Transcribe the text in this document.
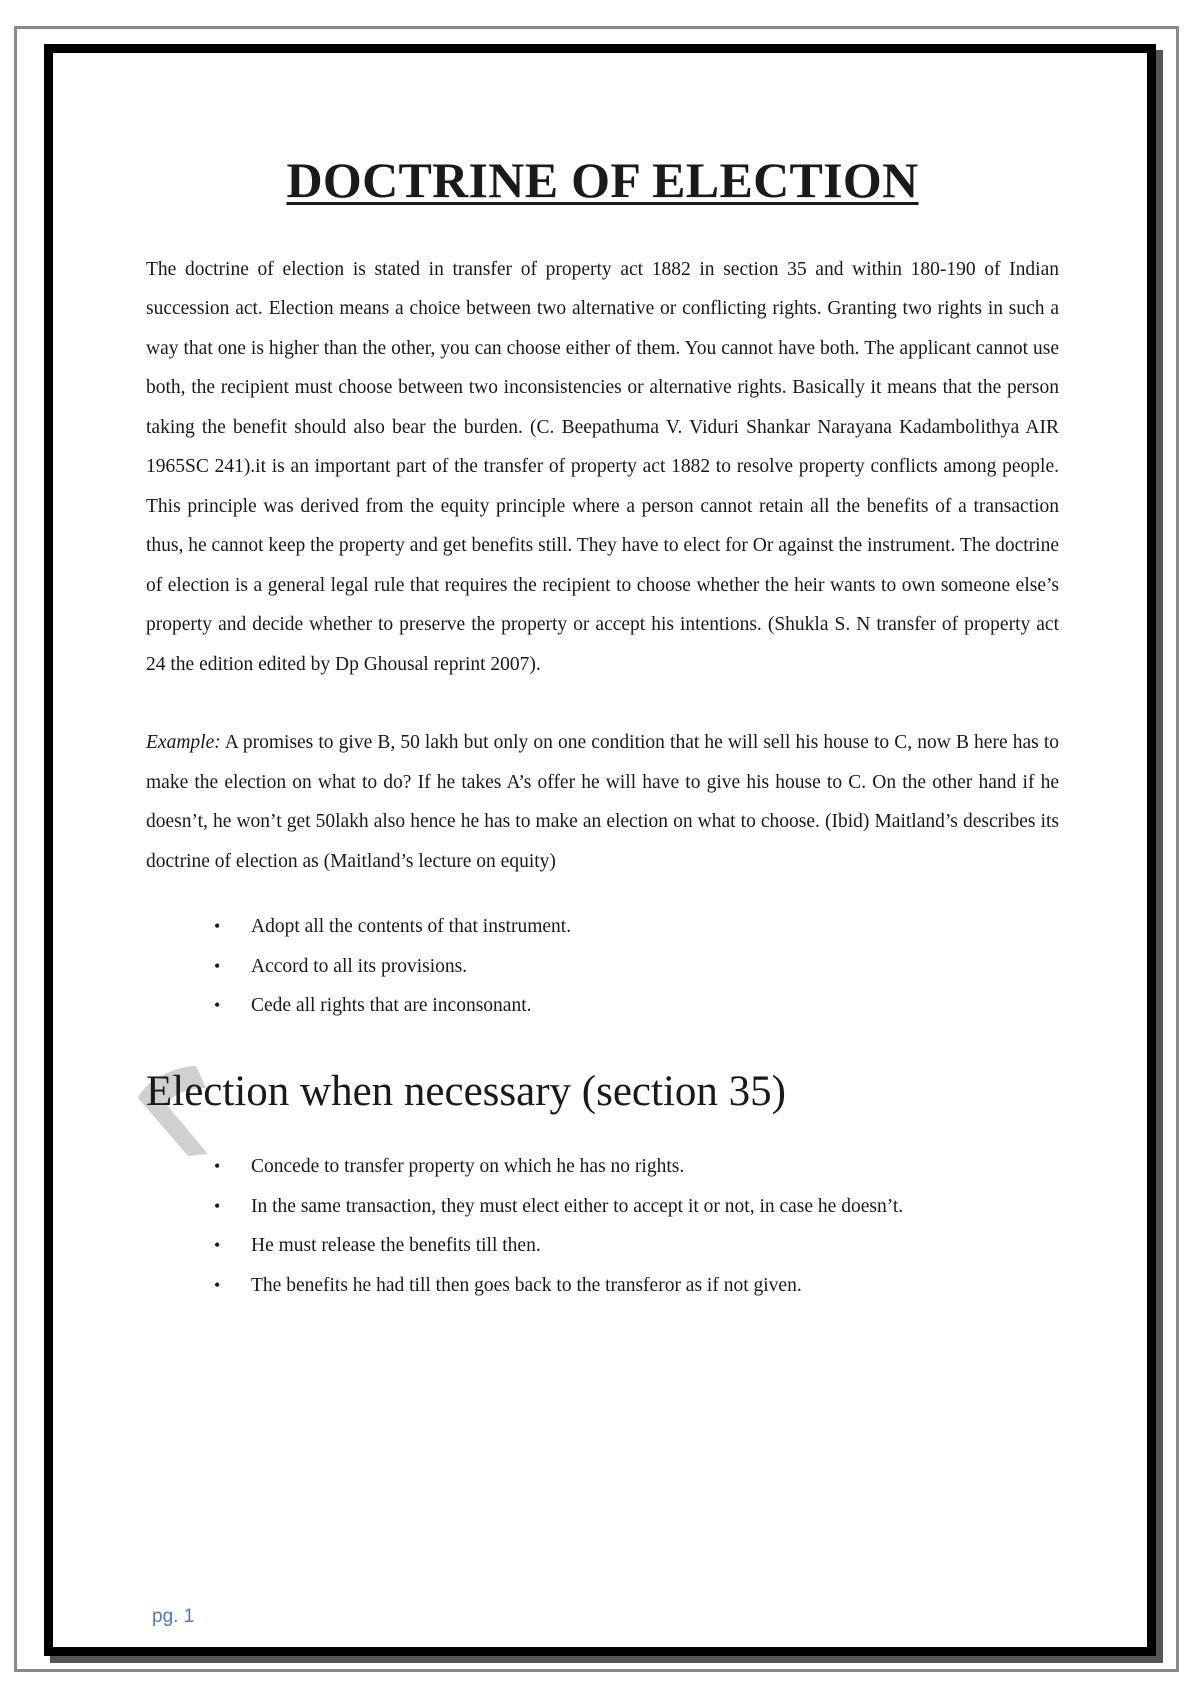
DOCTRINE OF ELECTION

The doctrine of election is stated in transfer of property act 1882 in section 35 and within 180-190 of Indian succession act. Election means a choice between two alternative or conflicting rights. Granting two rights in such a way that one is higher than the other, you can choose either of them. You cannot have both. The applicant cannot use both, the recipient must choose between two inconsistencies or alternative rights. Basically it means that the person taking the benefit should also bear the burden. (C. Beepathuma V. Viduri Shankar Narayana Kadambolithya AIR 1965SC 241).it is an important part of the transfer of property act 1882 to resolve property conflicts among people. This principle was derived from the equity principle where a person cannot retain all the benefits of a transaction thus, he cannot keep the property and get benefits still. They have to elect for Or against the instrument. The doctrine of election is a general legal rule that requires the recipient to choose whether the heir wants to own someone else’s property and decide whether to preserve the property or accept his intentions. (Shukla S. N transfer of property act 24 the edition edited by Dp Ghousal reprint 2007).

Example: A promises to give B, 50 lakh but only on one condition that he will sell his house to C, now B here has to make the election on what to do? If he takes A’s offer he will have to give his house to C. On the other hand if he doesn’t, he won’t get 50lakh also hence he has to make an election on what to choose. (Ibid) Maitland’s describes its doctrine of election as (Maitland’s lecture on equity)

• Adopt all the contents of that instrument.
• Accord to all its provisions.
• Cede all rights that are inconsonant.
Election when necessary (section 35)
• Concede to transfer property on which he has no rights.
• In the same transaction, they must elect either to accept it or not, in case he doesn’t.
• He must release the benefits till then.
• The benefits he had till then goes back to the transferor as if not given.
pg. 1
